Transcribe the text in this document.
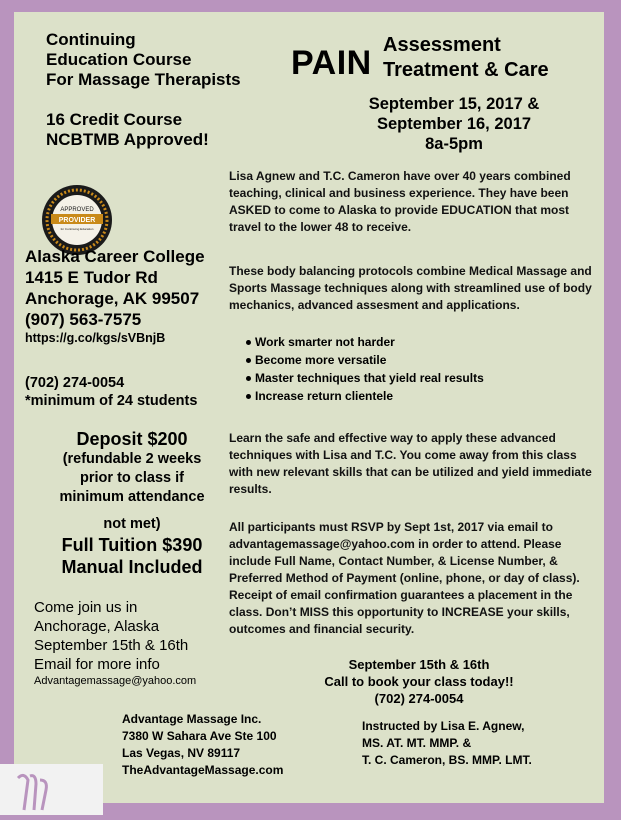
Continuing
Education Course
For Massage Therapists
16 Credit Course
NCBTMB Approved!
PAIN Assessment
Treatment & Care
September 15, 2017 &
September 16, 2017
8a-5pm
APPROVED
PROVIDER
for Continuing Education
Alaska Career College
1415 E Tudor Rd
Anchorage, AK 99507
(907) 563-7575
https://g.co/kgs/sVBnjB
(702) 274-0054
*minimum of 24 students
Deposit $200
(refundable 2 weeks
prior to class if
minimum attendance
not met)
Full Tuition $390
Manual Included
Come join us in
Anchorage, Alaska
September 15th & 16th
Email for more info
Advantagemassage@yahoo.com
Lisa Agnew and T.C. Cameron have over 40 years combined teaching, clinical and business experience. They have been ASKED to come to Alaska to provide EDUCATION that most travel to the lower 48 to receive.
These body balancing protocols combine Medical Massage and Sports Massage techniques along with streamlined use of body mechanics, advanced assesment and applications.
Work smarter not harder
Become more versatile
Master techniques that yield real results
Increase return clientele
Learn the safe and effective way to apply these advanced techniques with Lisa and T.C. You come away from this class with new relevant skills that can be utilized and yield immediate results.
All participants must RSVP by Sept 1st, 2017 via email to advantagemassage@yahoo.com in order to attend. Please include Full Name, Contact Number, & License Number, & Preferred Method of Payment (online, phone, or day of class). Receipt of email confirmation guarantees a placement in the class. Don’t MISS this opportunity to INCREASE your skills, outcomes and financial security.
September 15th & 16th
Call to book your class today!!
(702) 274-0054
Advantage Massage Inc.
7380 W Sahara Ave Ste 100
Las Vegas, NV 89117
TheAdvantageMassage.com
Instructed by Lisa E. Agnew,
MS. AT. MT. MMP. &
T. C. Cameron, BS. MMP. LMT.
